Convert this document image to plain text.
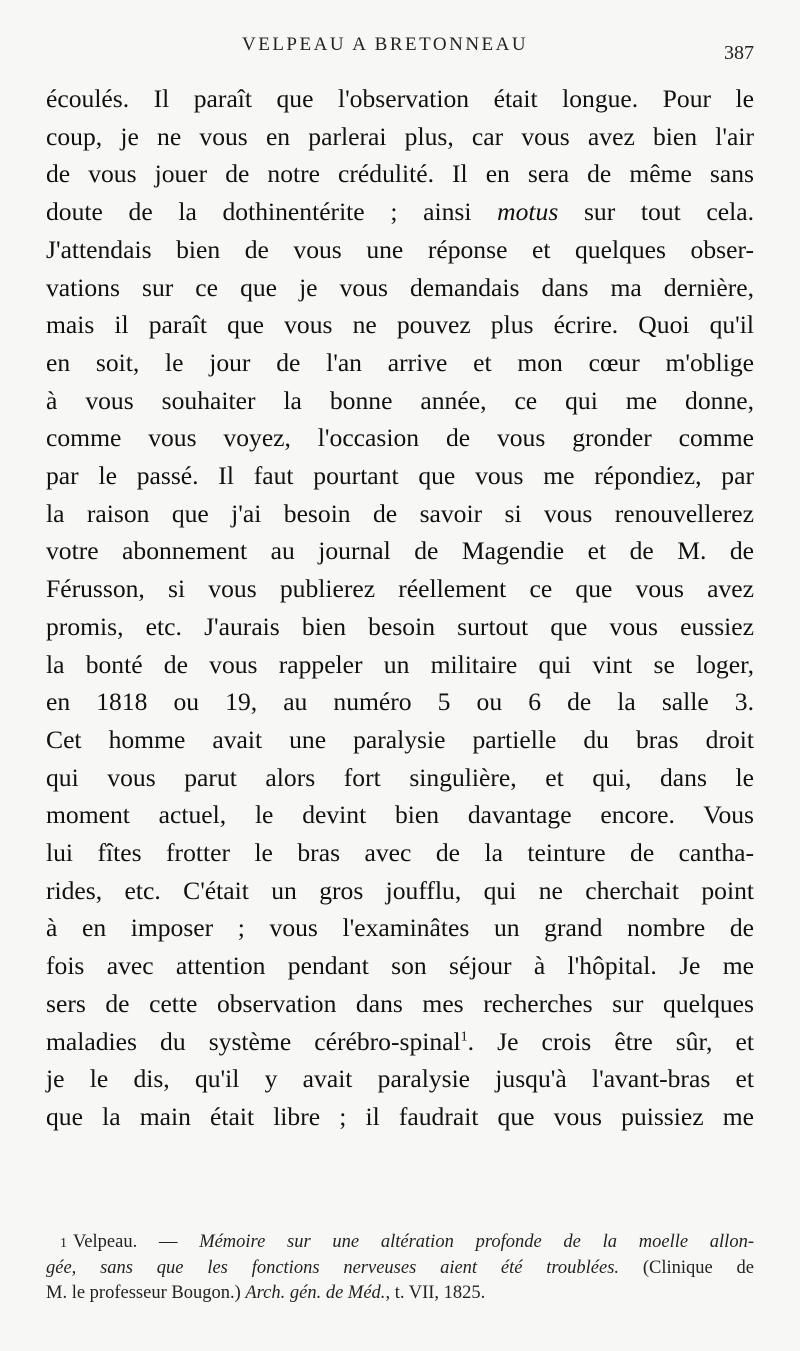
VELPEAU A BRETONNEAU	387
écoulés. Il paraît que l'observation était longue. Pour le
coup, je ne vous en parlerai plus, car vous avez bien l'air
de vous jouer de notre crédulité. Il en sera de même sans
doute de la dothinentérite ; ainsi motus sur tout cela.
J'attendais bien de vous une réponse et quelques obser-
vations sur ce que je vous demandais dans ma dernière,
mais il paraît que vous ne pouvez plus écrire. Quoi qu'il
en soit, le jour de l'an arrive et mon cœur m'oblige
à vous souhaiter la bonne année, ce qui me donne,
comme vous voyez, l'occasion de vous gronder comme
par le passé. Il faut pourtant que vous me répondiez, par
la raison que j'ai besoin de savoir si vous renouvellerez
votre abonnement au journal de Magendie et de M. de
Férusson, si vous publierez réellement ce que vous avez
promis, etc. J'aurais bien besoin surtout que vous eussiez
la bonté de vous rappeler un militaire qui vint se loger,
en 1818 ou 19, au numéro 5 ou 6 de la salle 3.
Cet homme avait une paralysie partielle du bras droit
qui vous parut alors fort singulière, et qui, dans le
moment actuel, le devint bien davantage encore. Vous
lui fîtes frotter le bras avec de la teinture de cantha-
rides, etc. C'était un gros joufflu, qui ne cherchait point
à en imposer ; vous l'examinâtes un grand nombre de
fois avec attention pendant son séjour à l'hôpital. Je me
sers de cette observation dans mes recherches sur quelques
maladies du système cérébro-spinal$^1$. Je crois être sûr, et
je le dis, qu'il y avait paralysie jusqu'à l'avant-bras et
que la main était libre ; il faudrait que vous puissiez me
1 Velpeau. — Mémoire sur une altération profonde de la moelle allon-
gée, sans que les fonctions nerveuses aient été troublées. (Clinique de
M. le professeur Bougon.) Arch. gén. de Méd., t. VII, 1825.
